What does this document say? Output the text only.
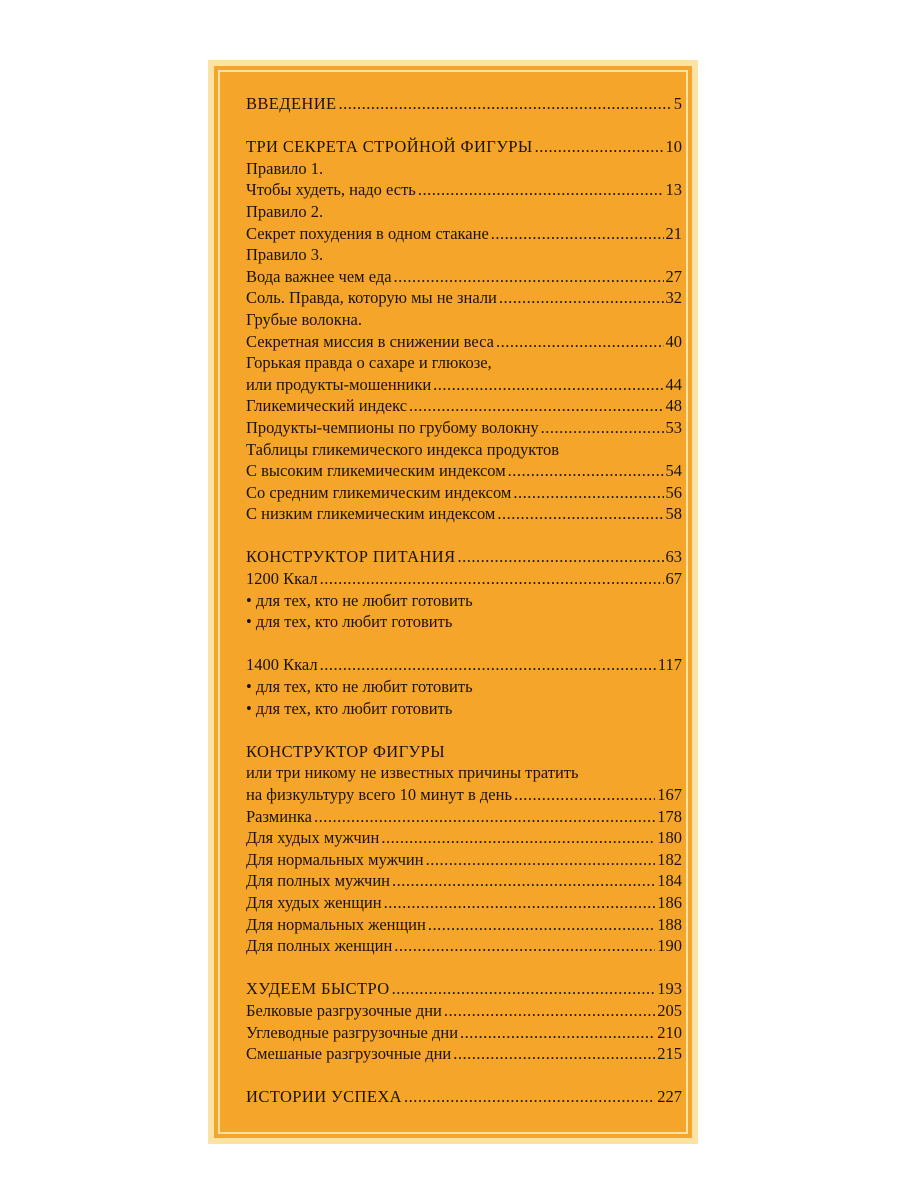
ВВЕДЕНИЕ .....	5
ТРИ СЕКРЕТА СТРОЙНОЙ ФИГУРЫ .....	10
Правило 1.
Чтобы худеть, надо есть .....	13
Правило 2.
Секрет похудения в одном стакане .....	21
Правило 3.
Вода важнее чем еда .....	27
Соль. Правда, которую мы не знали .....	32
Грубые волокна.
Секретная миссия в снижении веса .....	40
Горькая правда о сахаре и глюкозе,
или продукты-мошенники .....	44
Гликемический индекс .....	48
Продукты-чемпионы по грубому волокну .....	53
Таблицы гликемического индекса продуктов
С высоким гликемическим индексом .....	54
Со средним гликемическим индексом .....	56
С низким гликемическим индексом .....	58
КОНСТРУКТОР ПИТАНИЯ .....	63
1200 Ккал .....	67
• для тех, кто не любит готовить
• для тех, кто любит готовить
1400 Ккал .....	117
• для тех, кто не любит готовить
• для тех, кто любит готовить
КОНСТРУКТОР ФИГУРЫ
или три никому не известных причины тратить
на физкультуру всего 10 минут в день .....	167
Разминка .....	178
Для худых мужчин .....	180
Для нормальных мужчин .....	182
Для полных мужчин .....	184
Для худых женщин .....	186
Для нормальных женщин .....	188
Для полных женщин .....	190
ХУДЕЕМ БЫСТРО .....	193
Белковые разгрузочные дни .....	205
Углеводные разгрузочные дни .....	210
Смешаные разгрузочные дни .....	215
ИСТОРИИ УСПЕХА .....	227
